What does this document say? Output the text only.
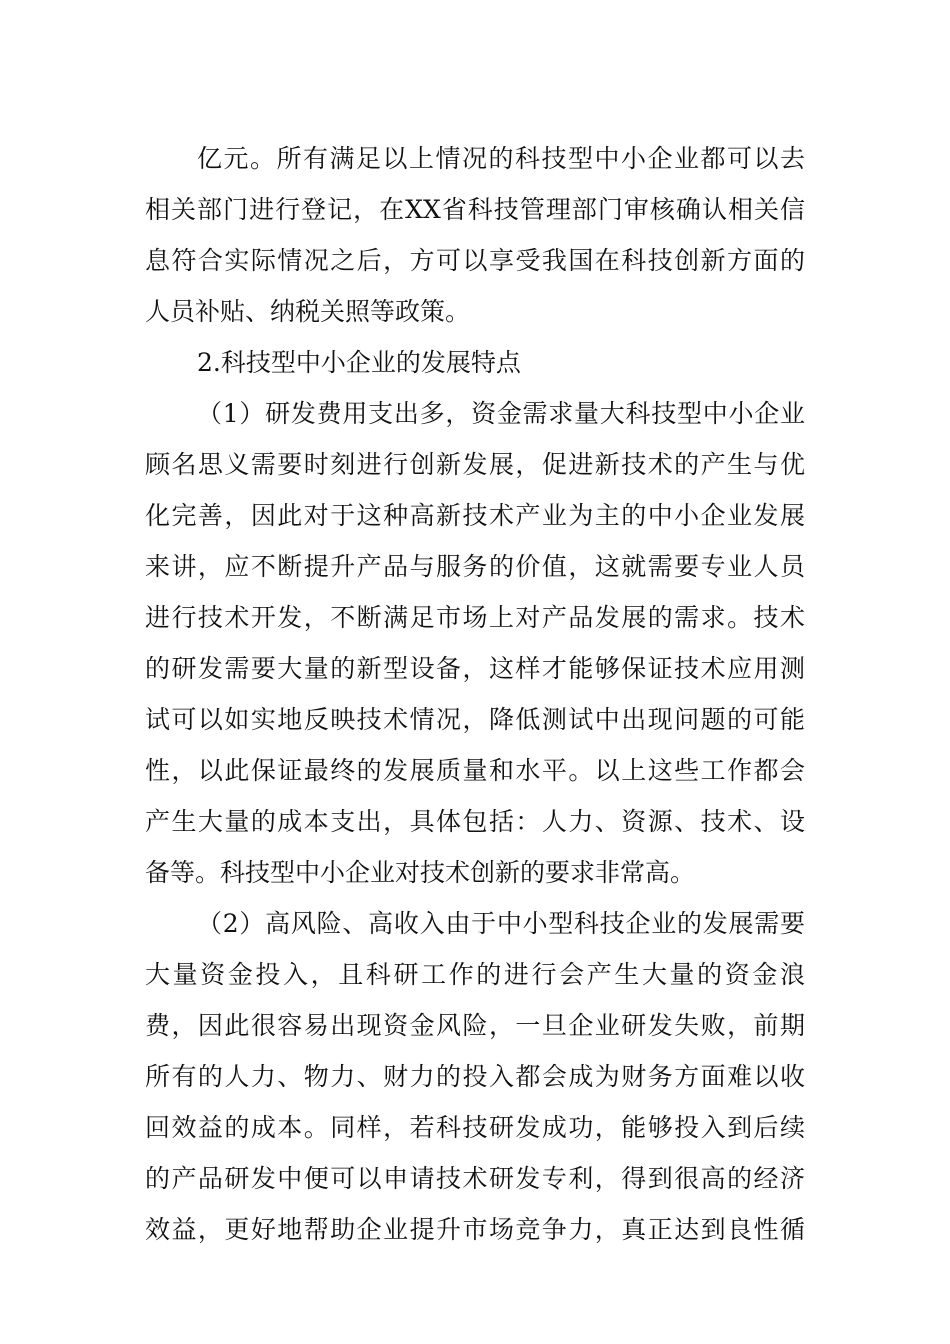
亿元。所有满足以上情况的科技型中小企业都可以去
相关部门进行登记，在XX省科技管理部门审核确认相关信
息符合实际情况之后，方可以享受我国在科技创新方面的
人员补贴、纳税关照等政策。
2.科技型中小企业的发展特点
（1）研发费用支出多，资金需求量大科技型中小企业
顾名思义需要时刻进行创新发展，促进新技术的产生与优
化完善，因此对于这种高新技术产业为主的中小企业发展
来讲，应不断提升产品与服务的价值，这就需要专业人员
进行技术开发，不断满足市场上对产品发展的需求。技术
的研发需要大量的新型设备，这样才能够保证技术应用测
试可以如实地反映技术情况，降低测试中出现问题的可能
性，以此保证最终的发展质量和水平。以上这些工作都会
产生大量的成本支出，具体包括：人力、资源、技术、设
备等。科技型中小企业对技术创新的要求非常高。
（2）高风险、高收入由于中小型科技企业的发展需要
大量资金投入，且科研工作的进行会产生大量的资金浪
费，因此很容易出现资金风险，一旦企业研发失败，前期
所有的人力、物力、财力的投入都会成为财务方面难以收
回效益的成本。同样，若科技研发成功，能够投入到后续
的产品研发中便可以申请技术研发专利，得到很高的经济
效益，更好地帮助企业提升市场竞争力，真正达到良性循
